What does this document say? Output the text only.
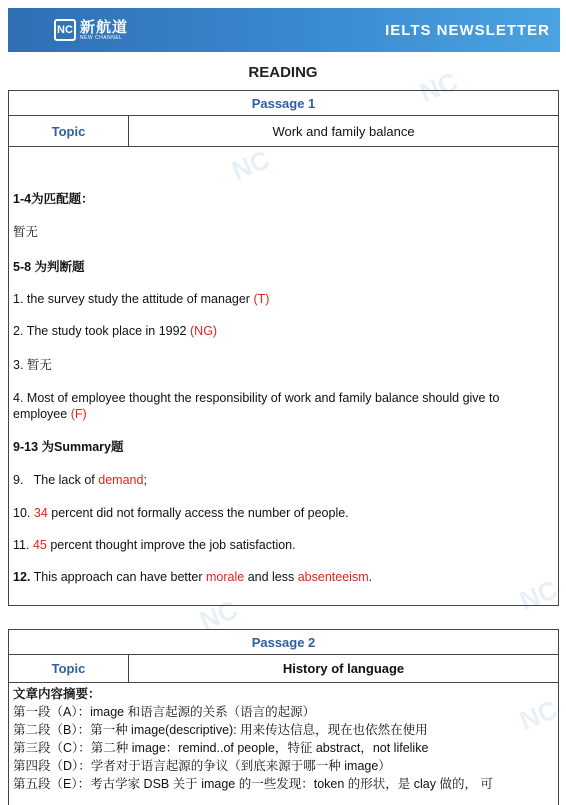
NC
NC
NC	NC
NC
NC 新航道
NEW CHANNEL	IELTS NEWSLETTER
READING
Passage 1
Topic	Work and family balance
1-4为匹配题：
暂无
5-8 为判断题
1. the survey study the attitude of manager (T)
2. The study took place in 1992 (NG)
3. 暂无
4. Most of employee thought the responsibility of work and family balance should give to employee (F)
9-13 为Summary题
9. The lack of demand;
10. 34 percent did not formally access the number of people.
11. 45 percent thought improve the job satisfaction.
12. This approach can have better morale and less absenteeism.
Passage 2
Topic	History of language
文章内容摘要：
第一段（A）：image 和语言起源的关系（语言的起源）
第二段（B）：第一种 image(descriptive): 用来传达信息，现在也依然在使用
第三段（C）：第二种 image：remind..of people，特征 abstract，not lifelike
第四段（D）：学者对于语言起源的争议（到底来源于哪一种 image）
第五段（E）：考古学家 DSB 关于 image 的一些发现：token 的形状，是 clay 做的， 可
